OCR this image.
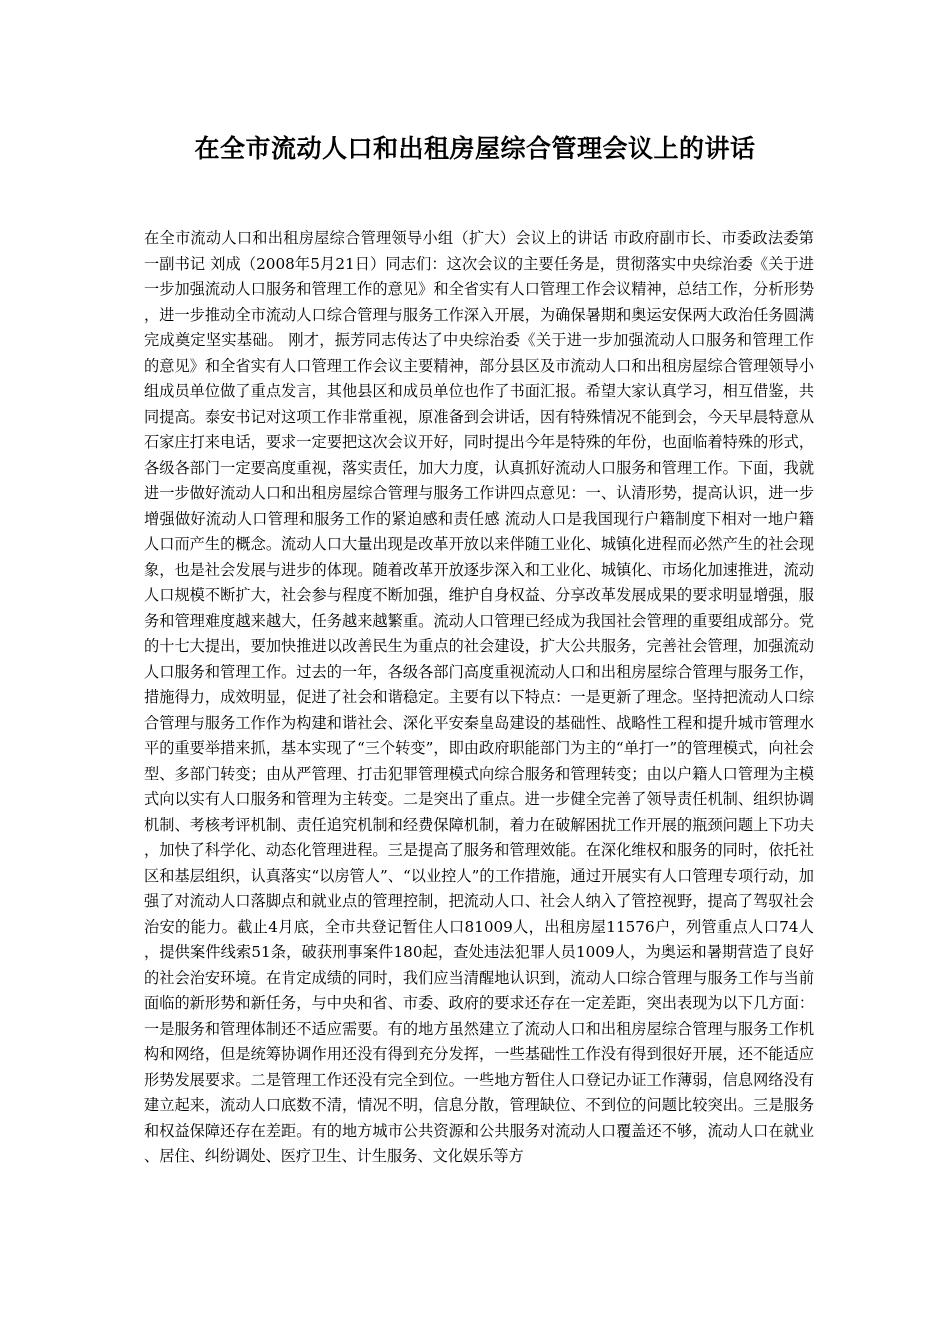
在全市流动人口和出租房屋综合管理会议上的讲话

在全市流动人口和出租房屋综合管理领导小组（扩大）会议上的讲话 市政府副市长、市委政法委第一副书记 刘成（2008年5月21日）同志们：这次会议的主要任务是，贯彻落实中央综治委《关于进一步加强流动人口服务和管理工作的意见》和全省实有人口管理工作会议精神，总结工作，分析形势，进一步推动全市流动人口综合管理与服务工作深入开展，为确保暑期和奥运安保两大政治任务圆满完成奠定坚实基础。 刚才，振芳同志传达了中央综治委《关于进一步加强流动人口服务和管理工作的意见》和全省实有人口管理工作会议主要精神，部分县区及市流动人口和出租房屋综合管理领导小组成员单位做了重点发言，其他县区和成员单位也作了书面汇报。希望大家认真学习，相互借鉴，共同提高。泰安书记对这项工作非常重视，原准备到会讲话，因有特殊情况不能到会，今天早晨特意从石家庄打来电话，要求一定要把这次会议开好，同时提出今年是特殊的年份，也面临着特殊的形式，各级各部门一定要高度重视，落实责任，加大力度，认真抓好流动人口服务和管理工作。下面，我就进一步做好流动人口和出租房屋综合管理与服务工作讲四点意见：一、认清形势，提高认识，进一步增强做好流动人口管理和服务工作的紧迫感和责任感 流动人口是我国现行户籍制度下相对一地户籍人口而产生的概念。流动人口大量出现是改革开放以来伴随工业化、城镇化进程而必然产生的社会现象，也是社会发展与进步的体现。随着改革开放逐步深入和工业化、城镇化、市场化加速推进，流动人口规模不断扩大，社会参与程度不断加强，维护自身权益、分享改革发展成果的要求明显增强，服务和管理难度越来越大，任务越来越繁重。流动人口管理已经成为我国社会管理的重要组成部分。党的十七大提出，要加快推进以改善民生为重点的社会建设，扩大公共服务，完善社会管理，加强流动人口服务和管理工作。过去的一年，各级各部门高度重视流动人口和出租房屋综合管理与服务工作，措施得力，成效明显，促进了社会和谐稳定。主要有以下特点：一是更新了理念。坚持把流动人口综合管理与服务工作作为构建和谐社会、深化平安秦皇岛建设的基础性、战略性工程和提升城市管理水平的重要举措来抓，基本实现了“三个转变”，即由政府职能部门为主的“单打一”的管理模式，向社会型、多部门转变；由从严管理、打击犯罪管理模式向综合服务和管理转变；由以户籍人口管理为主模式向以实有人口服务和管理为主转变。二是突出了重点。进一步健全完善了领导责任机制、组织协调机制、考核考评机制、责任追究机制和经费保障机制，着力在破解困扰工作开展的瓶颈问题上下功夫，加快了科学化、动态化管理进程。三是提高了服务和管理效能。在深化维权和服务的同时，依托社区和基层组织，认真落实“以房管人”、“以业控人”的工作措施，通过开展实有人口管理专项行动，加强了对流动人口落脚点和就业点的管理控制，把流动人口、社会人纳入了管控视野，提高了驾驭社会治安的能力。截止4月底，全市共登记暂住人口81009人，出租房屋11576户，列管重点人口74人，提供案件线索51条，破获刑事案件180起，查处违法犯罪人员1009人，为奥运和暑期营造了良好的社会治安环境。在肯定成绩的同时，我们应当清醒地认识到，流动人口综合管理与服务工作与当前面临的新形势和新任务，与中央和省、市委、政府的要求还存在一定差距，突出表现为以下几方面：一是服务和管理体制还不适应需要。有的地方虽然建立了流动人口和出租房屋综合管理与服务工作机构和网络，但是统筹协调作用还没有得到充分发挥，一些基础性工作没有得到很好开展，还不能适应形势发展要求。二是管理工作还没有完全到位。一些地方暂住人口登记办证工作薄弱，信息网络没有建立起来，流动人口底数不清，情况不明，信息分散，管理缺位、不到位的问题比较突出。三是服务和权益保障还存在差距。有的地方城市公共资源和公共服务对流动人口覆盖还不够，流动人口在就业、居住、纠纷调处、医疗卫生、计生服务、文化娱乐等方
